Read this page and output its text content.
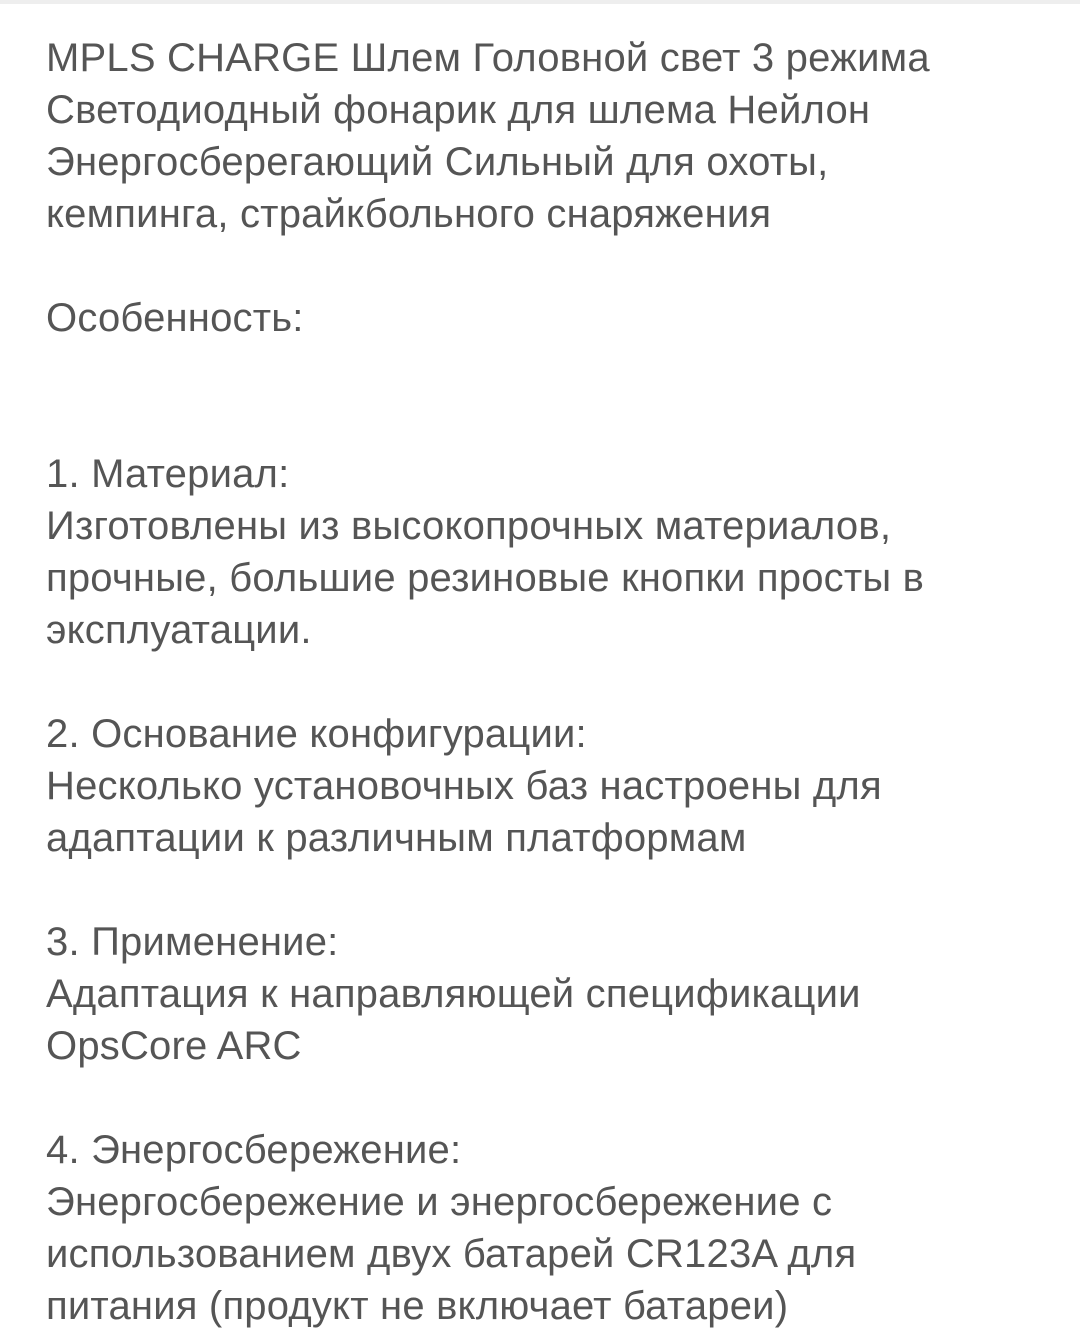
MPLS CHARGE Шлем Головной свет 3 режима
Светодиодный фонарик для шлема Нейлон
Энергосберегающий Сильный для охоты,
кемпинга, страйкбольного снаряжения
Особенность:
1. Материал:
Изготовлены из высокопрочных материалов,
прочные, большие резиновые кнопки просты в
эксплуатации.
2. Основание конфигурации:
Несколько установочных баз настроены для
адаптации к различным платформам
3. Применение:
Адаптация к направляющей спецификации
OpsCore ARC
4. Энергосбережение:
Энергосбережение и энергосбережение с
использованием двух батарей CR123A для
питания (продукт не включает батареи)
